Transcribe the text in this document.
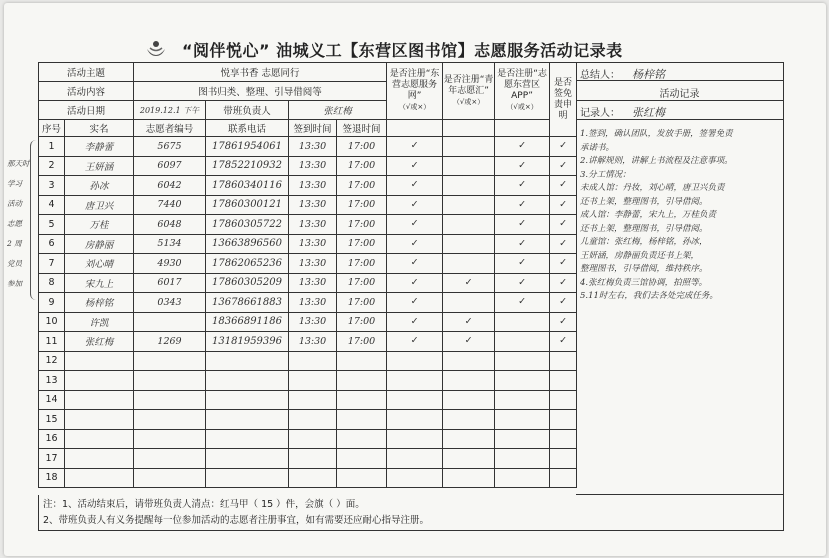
“阅伴悦心” 油城义工【东营区图书馆】志愿服务活动记录表
那天时
学习
活动
志愿
2 周
党员
参加
活动主题		悦享书香 志愿同行				是否注册“东营志愿服务网”
（√或×）	是否注册“青年志愿汇”
（√或×）	是否注册“志愿东营区APP”
（√或×）	是否签免责申明
活动内容		图书归类、整理、引导借阅等							
活动日期		2019.12.1 下午	带班负责人	张红梅					
序号	实名	志愿者编号	联系电话	签到时间	签退时间				
1	李静蕾	5675	17861954061	13:30	17:00	✓		✓	✓
2	王妍涵	6097	17852210932	13:30	17:00	✓		✓	✓
3	孙冰	6042	17860340116	13:30	17:00	✓		✓	✓
4	唐卫兴	7440	17860300121	13:30	17:00	✓		✓	✓
5	万桂	6048	17860305722	13:30	17:00	✓		✓	✓
6	房静丽	5134	13663896560	13:30	17:00	✓		✓	✓
7	刘心晴	4930	17862065236	13:30	17:00	✓		✓	✓
8	宋九上	6017	17860305209	13:30	17:00	✓	✓	✓	✓
9	杨梓铭	0343	13678661883	13:30	17:00	✓		✓	✓
10	许凯		18366891186	13:30	17:00	✓	✓		✓
11	张红梅	1269	13181959396	13:30	17:00	✓	✓		✓
12									
13									
14									
15									
16									
17									
18									
总结人： 杨梓铭
活动记录
记录人： 张红梅
1.签到，确认团队，发放手册，签署免责
承诺书。
2.讲解规则，讲解上书流程及注意事项。
3.分工情况：
未成人馆：丹妆，刘心晴，唐卫兴负责
还书上架，整理图书，引导借阅。
成人馆：李静蕾，宋九上，万桂负责
还书上架，整理图书，引导借阅。
儿童馆：张红梅，杨梓铭，孙冰，
王妍涵，房静丽负责还书上架，
整理图书，引导借阅，维持秩序。
4.张红梅负责三馆协调，拍照等。
5.11时左右，我们去各处完成任务。
注：1、活动结束后，请带班负责人清点：红马甲（ 15 ）件，会旗（ ）面。
2、带班负责人有义务提醒每一位参加活动的志愿者注册事宜，如有需要还应耐心指导注册。
